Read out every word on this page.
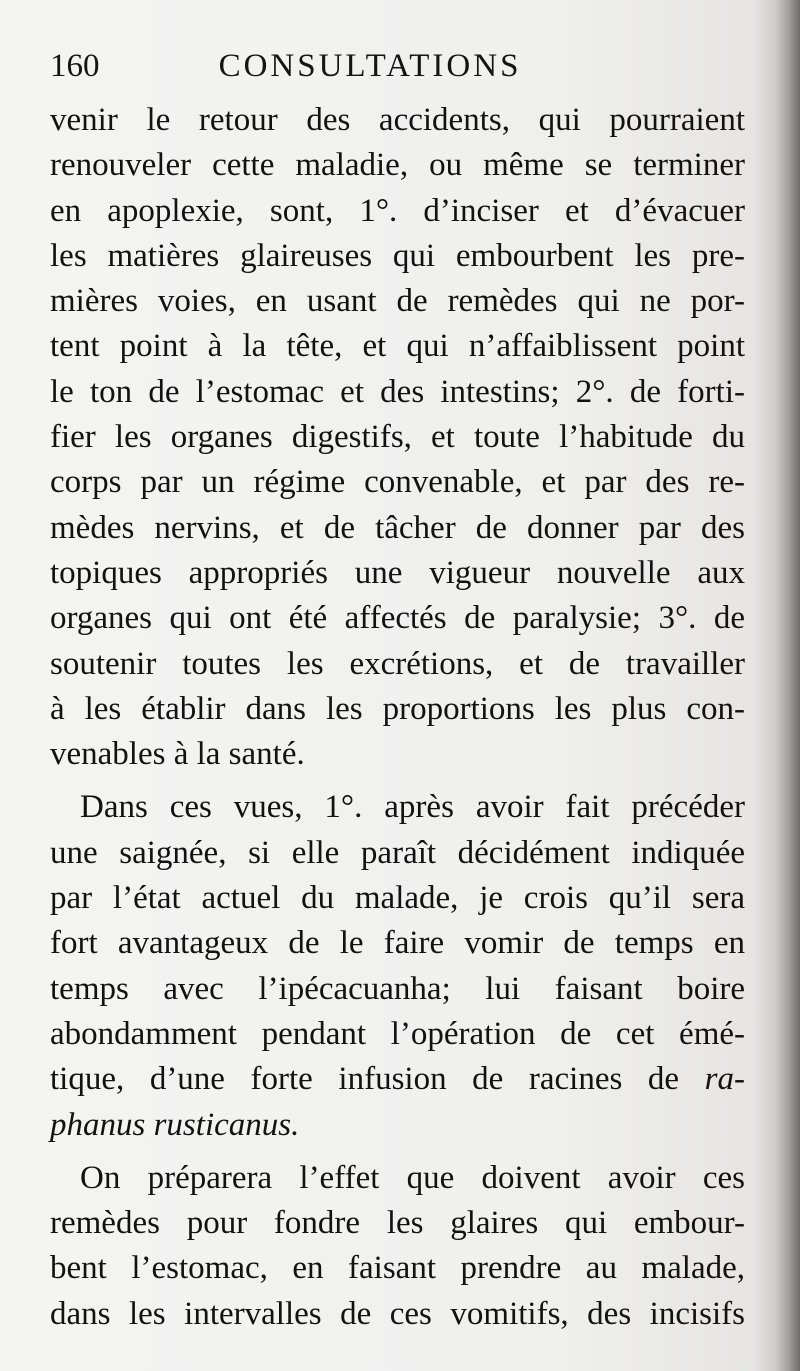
160	CONSULTATIONS
venir le retour des accidents, qui pourraient
renouveler cette maladie, ou même se terminer
en apoplexie, sont, 1°. d’inciser et d’évacuer
les matières glaireuses qui embourbent les pre-
mières voies, en usant de remèdes qui ne por-
tent point à la tête, et qui n’affaiblissent point
le ton de l’estomac et des intestins; 2°. de forti-
fier les organes digestifs, et toute l’habitude du
corps par un régime convenable, et par des re-
mèdes nervins, et de tâcher de donner par des
topiques appropriés une vigueur nouvelle aux
organes qui ont été affectés de paralysie; 3°. de
soutenir toutes les excrétions, et de travailler
à les établir dans les proportions les plus con-
venables à la santé.
Dans ces vues, 1°. après avoir fait précéder
une saignée, si elle paraît décidément indiquée
par l’état actuel du malade, je crois qu’il sera
fort avantageux de le faire vomir de temps en
temps avec l’ipécacuanha; lui faisant boire
abondamment pendant l’opération de cet émé-
tique, d’une forte infusion de racines de ra-
phanus rusticanus.
On préparera l’effet que doivent avoir ces
remèdes pour fondre les glaires qui embour-
bent l’estomac, en faisant prendre au malade,
dans les intervalles de ces vomitifs, des incisifs
